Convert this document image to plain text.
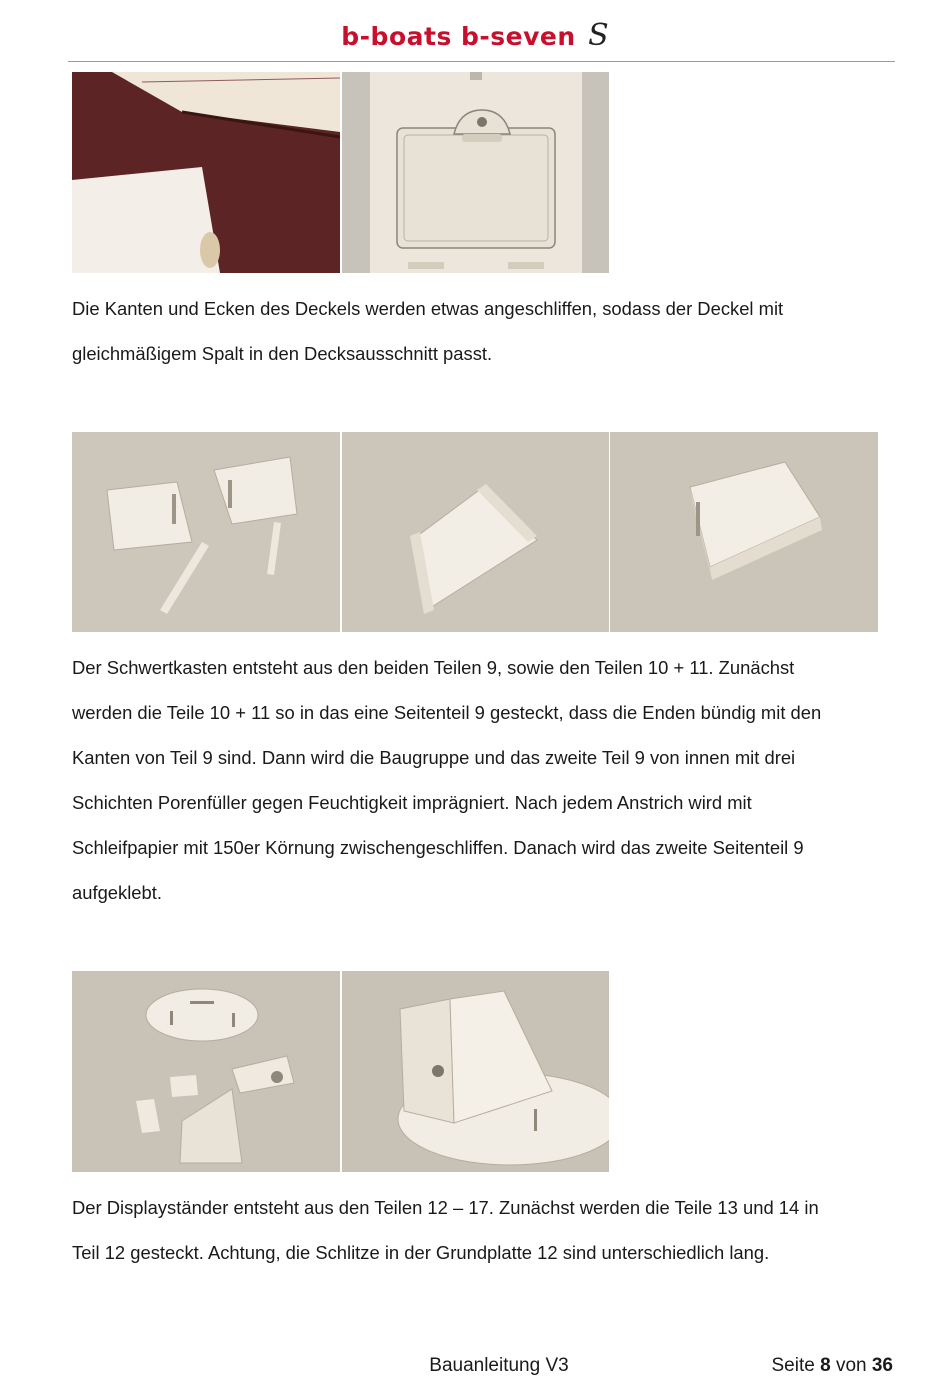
b-boats b-seven S

Die Kanten und Ecken des Deckels werden etwas angeschliffen, sodass der Deckel mit

gleichmäßigem Spalt in den Decksausschnitt passt.

Der Schwertkasten entsteht aus den beiden Teilen 9, sowie den Teilen 10 + 11. Zunächst

werden die Teile 10 + 11 so in das eine Seitenteil 9 gesteckt, dass die Enden bündig mit den

Kanten von Teil 9 sind. Dann wird die Baugruppe und das zweite Teil 9 von innen mit drei

Schichten Porenfüller gegen Feuchtigkeit imprägniert. Nach jedem Anstrich wird mit

Schleifpapier mit 150er Körnung zwischengeschliffen. Danach wird das zweite Seitenteil 9

aufgeklebt.

Der Displayständer entsteht aus den Teilen 12 – 17. Zunächst werden die Teile 13 und 14 in

Teil 12 gesteckt. Achtung, die Schlitze in der Grundplatte 12 sind unterschiedlich lang.

Bauanleitung V3	Seite 8 von 36
